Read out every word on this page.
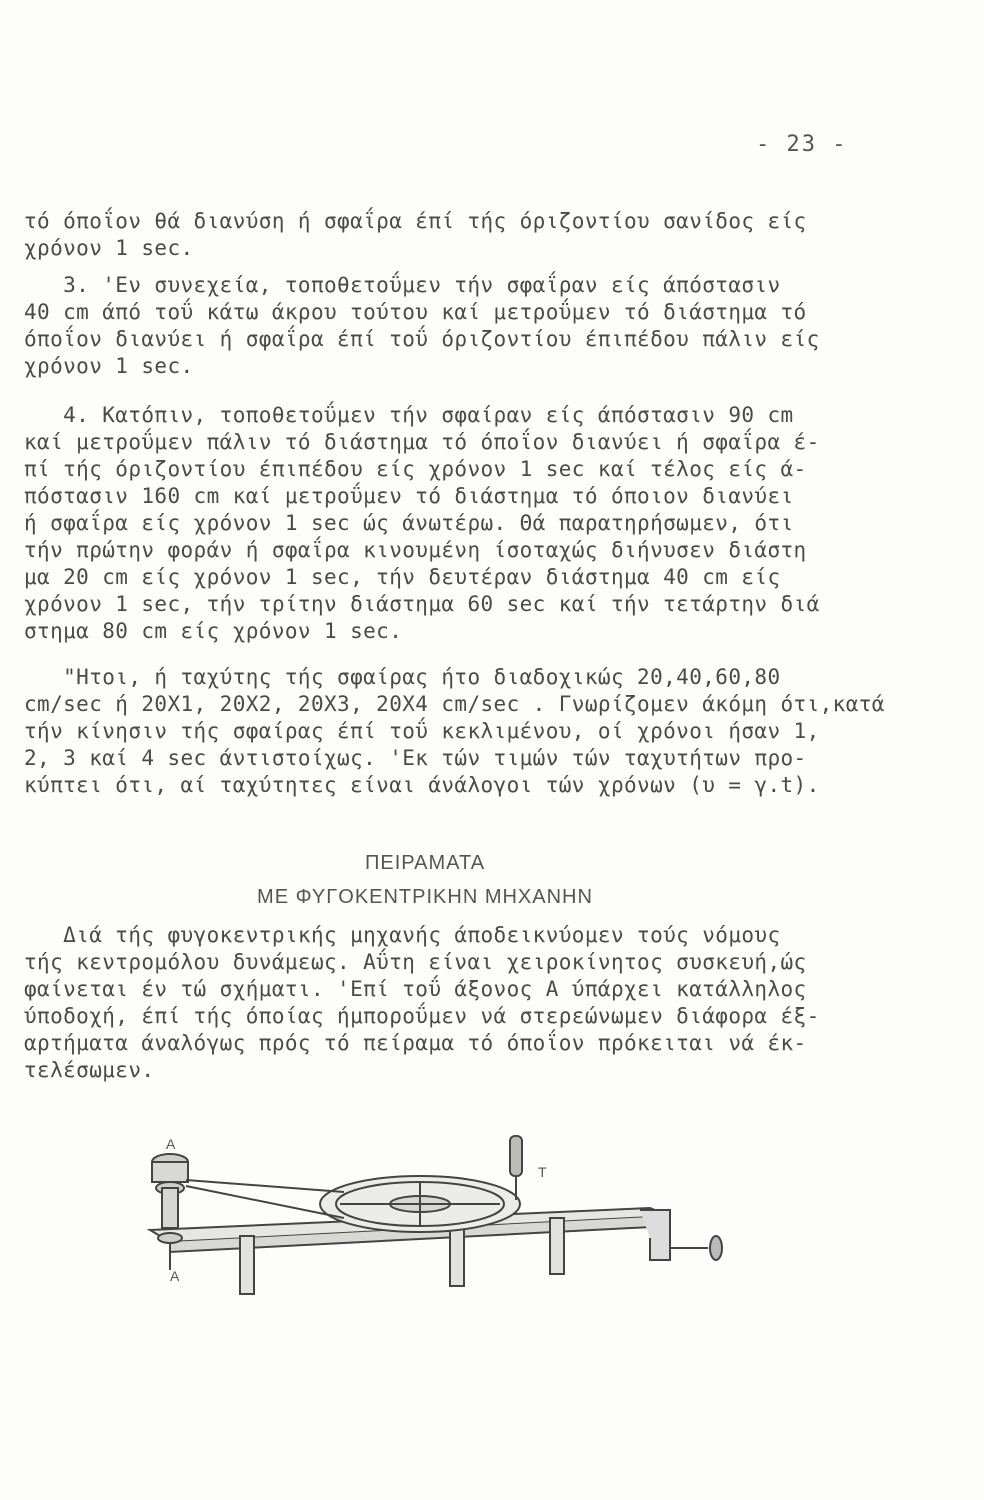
- 23 -
τό όποΐον θά διανύση ή σφαΐρα έπί τής όριζοντίου σανίδος είς
χρόνον 1 sec.
3. 'Εν συνεχεία, τοποθετοΰμεν τήν σφαΐραν είς άπόστασιν
40 cm άπό τοΰ κάτω άκρου τούτου καί μετροΰμεν τό διάστημα τό
όποΐον διανύει ή σφαΐρα έπί τοΰ όριζοντίου έπιπέδου πάλιν είς
χρόνον 1 sec.
4. Κατόπιν, τοποθετοΰμεν τήν σφαίραν είς άπόστασιν 90 cm
καί μετροΰμεν πάλιν τό διάστημα τό όποΐον διανύει ή σφαΐρα έ-
πί τής όριζοντίου έπιπέδου είς χρόνον 1 sec καί τέλος είς ά-
πόστασιν 160 cm καί μετροΰμεν τό διάστημα τό όποιον διανύει
ή σφαΐρα είς χρόνον 1 sec ώς άνωτέρω. Θά παρατηρήσωμεν, ότι
τήν πρώτην φοράν ή σφαΐρα κινουμένη ίσοταχώς διήνυσεν διάστη
μα 20 cm είς χρόνον 1 sec, τήν δευτέραν διάστημα 40 cm είς
χρόνον 1 sec, τήν τρίτην διάστημα 60 sec καί τήν τετάρτην διά
στημα 80 cm είς χρόνον 1 sec.
"Ητοι, ή ταχύτης τής σφαίρας ήτο διαδοχικώς 20,40,60,80
cm/sec ή 20Χ1, 20Χ2, 20Χ3, 20Χ4 cm/sec . Γνωρίζομεν άκόμη ότι,κατά
τήν κίνησιν τής σφαίρας έπί τοΰ κεκλιμένου, οί χρόνοι ήσαν 1,
2, 3 καί 4 sec άντιστοίχως. 'Εκ τών τιμών τών ταχυτήτων προ-
κύπτει ότι, αί ταχύτητες είναι άνάλογοι τών χρόνων (υ = γ.t).
ΠΕΙΡΑΜΑΤΑ
ΜΕ ΦΥΓΟΚΕΝΤΡΙΚΗΝ ΜΗΧΑΝΗΝ
Διά τής φυγοκεντρικής μηχανής άποδεικνύομεν τούς νόμους
τής κεντρομόλου δυνάμεως. Αΰτη είναι χειροκίνητος συσκευή,ώς
φαίνεται έν τώ σχήματι. 'Επί τοΰ άξονος Α ύπάρχει κατάλληλος
ύποδοχή, έπί τής όποίας ήμποροΰμεν νά στερεώνωμεν διάφορα έξ-
αρτήματα άναλόγως πρός τό πείραμα τό όποΐον πρόκειται νά έκ-
τελέσωμεν.
Α
Α
Τ
